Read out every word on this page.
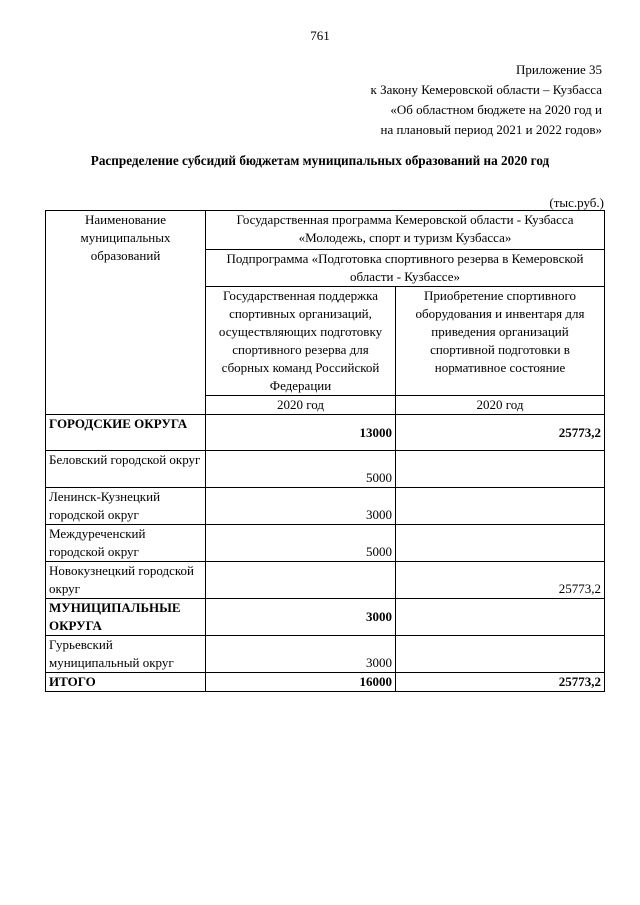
761
Приложение 35
к Закону Кемеровской области – Кузбасса
«Об областном бюджете на 2020 год и
на плановый период 2021 и 2022 годов»
Распределение субсидий бюджетам муниципальных образований на 2020 год
(тыс.руб.)
Наименование муниципальных образований	Государственная программа Кемеровской области - Кузбасса «Молодежь, спорт и туризм Кузбасса»	
	Подпрограмма «Подготовка спортивного резерва в Кемеровской области - Кузбассе»	
	Государственная поддержка спортивных организаций, осуществляющих подготовку спортивного резерва для сборных команд Российской Федерации	Приобретение спортивного оборудования и инвентаря для приведения организаций спортивной подготовки в нормативное состояние
	2020 год	2020 год
ГОРОДСКИЕ ОКРУГА	13000	25773,2
Беловский городской округ	5000	
Ленинск-Кузнецкий городской округ	3000	
Междуреченский городской округ	5000	
Новокузнецкий городской округ		25773,2
МУНИЦИПАЛЬНЫЕ ОКРУГА	3000	
Гурьевский муниципальный округ	3000	
ИТОГО	16000	25773,2
